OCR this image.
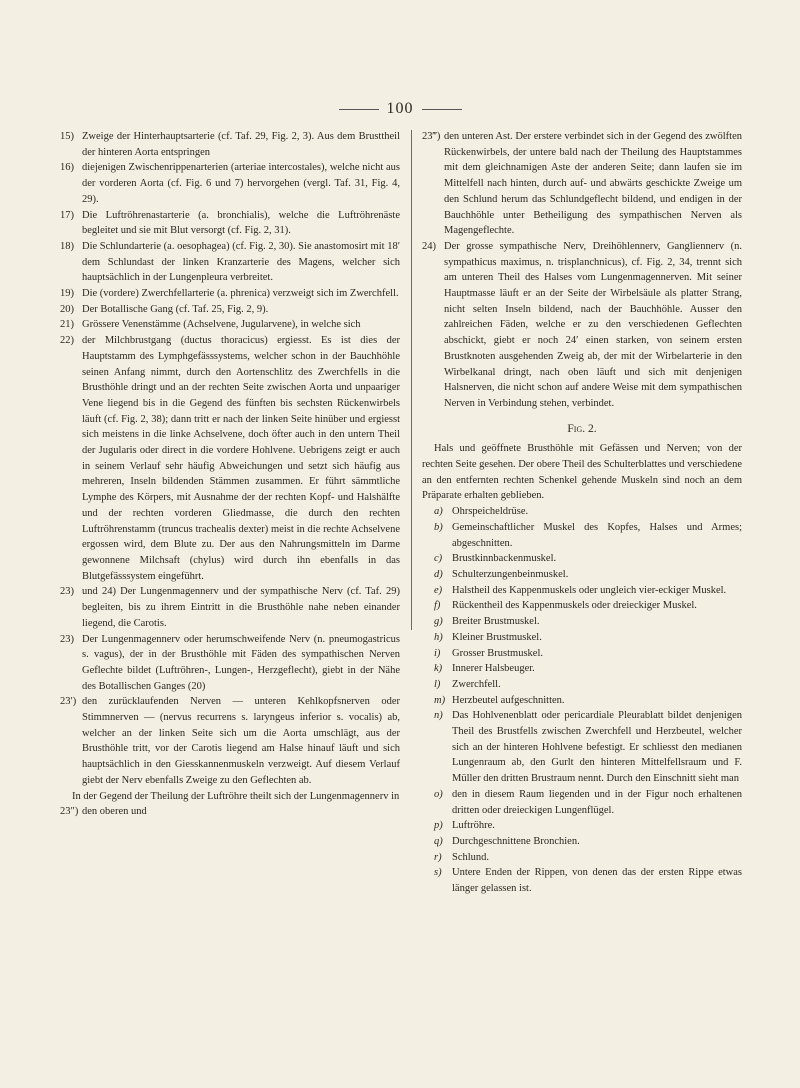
100
15) Zweige der Hinterhauptsarterie (cf. Taf. 29, Fig. 2, 3). Aus dem Brusttheil der hinteren Aorta entspringen
16) diejenigen Zwischenrippenarterien (arteriae intercostales), welche nicht aus der vorderen Aorta (cf. Fig. 6 und 7) hervorgehen (vergl. Taf. 31, Fig. 4, 29).
17) Die Luftröhrenastarterie (a. bronchialis), welche die Luftröhrenäste begleitet und sie mit Blut versorgt (cf. Fig. 2, 31).
18) Die Schlundarterie (a. oesophagea) (cf. Fig. 2, 30). Sie anastomosirt mit 18′ dem Schlundast der linken Kranzarterie des Magens, welcher sich hauptsächlich in der Lungenpleura verbreitet.
19) Die (vordere) Zwerchfellarterie (a. phrenica) verzweigt sich im Zwerchfell.
20) Der Botallische Gang (cf. Taf. 25, Fig. 2, 9).
21) Grössere Venenstämme (Achselvene, Jugularvene), in welche sich
22) der Milchbrustgang (ductus thoracicus) ergiesst. Es ist dies der Hauptstamm des Lymphgefässsystems, welcher schon in der Bauchhöhle seinen Anfang nimmt, durch den Aortenschlitz des Zwerchfells in die Brusthöhle dringt und an der rechten Seite zwischen Aorta und unpaariger Vene liegend bis in die Gegend des fünften bis sechsten Rückenwirbels läuft (cf. Fig. 2, 38); dann tritt er nach der linken Seite hinüber und ergiesst sich meistens in die linke Achselvene, doch öfter auch in den untern Theil der Jugularis oder direct in die vordere Hohlvene. Uebrigens zeigt er auch in seinem Verlauf sehr häufig Abweichungen und setzt sich häufig aus mehreren, Inseln bildenden Stämmen zusammen. Er führt sämmtliche Lymphe des Körpers, mit Ausnahme der der rechten Kopf- und Halshälfte und der rechten vorderen Gliedmasse, die durch den rechten Luftröhrenstamm (truncus trachealis dexter) meist in die rechte Achselvene ergossen wird, dem Blute zu. Der aus den Nahrungsmitteln im Darme gewonnene Milchsaft (chylus) wird durch ihn ebenfalls in das Blutgefässsystem eingeführt.
23) und 24) Der Lungenmagennerv und der sympathische Nerv (cf. Taf. 29) begleiten, bis zu ihrem Eintritt in die Brusthöhle nahe neben einander liegend, die Carotis.
23) Der Lungenmagennerv oder herumschweifende Nerv (n. pneumogastricus s. vagus), der in der Brusthöhle mit Fäden des sympathischen Nerven Geflechte bildet (Luftröhren-, Lungen-, Herzgeflecht), giebt in der Nähe des Botallischen Ganges (20)
23′) den zurücklaufenden Nerven — unteren Kehlkopfsnerven oder Stimmnerven — (nervus recurrens s. laryngeus inferior s. vocalis) ab, welcher an der linken Seite sich um die Aorta umschlägt, aus der Brusthöhle tritt, vor der Carotis liegend am Halse hinauf läuft und sich hauptsächlich in den Giesskannenmuskeln verzweigt. Auf diesem Verlauf giebt der Nerv ebenfalls Zweige zu den Geflechten ab.

In der Gegend der Theilung der Luftröhre theilt sich der Lungenmagennerv in

23″) den oberen und
23‴) den unteren Ast. Der erstere verbindet sich in der Gegend des zwölften Rückenwirbels, der untere bald nach der Theilung des Hauptstammes mit dem gleichnamigen Aste der anderen Seite; dann laufen sie im Mittelfell nach hinten, durch auf- und abwärts geschickte Zweige um den Schlund herum das Schlundgeflecht bildend, und endigen in der Bauchhöhle unter Betheiligung des sympathischen Nerven als Magengeflechte.
24) Der grosse sympathische Nerv, Dreihöhlennerv, Gangliennerv (n. sympathicus maximus, n. trisplanchnicus), cf. Fig. 2, 34, trennt sich am unteren Theil des Halses vom Lungenmagennerven. Mit seiner Hauptmasse läuft er an der Seite der Wirbelsäule als platter Strang, nicht selten Inseln bildend, nach der Bauchhöhle. Ausser den zahlreichen Fäden, welche er zu den verschiedenen Geflechten abschickt, giebt er noch 24′ einen starken, von seinem ersten Brustknoten ausgehenden Zweig ab, der mit der Wirbelarterie in den Wirbelkanal dringt, nach oben läuft und sich mit denjenigen Halsnerven, die nicht schon auf andere Weise mit dem sympathischen Nerven in Verbindung stehen, verbindet.
Fig. 2.

Hals und geöffnete Brusthöhle mit Gefässen und Nerven; von der rechten Seite gesehen. Der obere Theil des Schulterblattes und verschiedene an den entfernten rechten Schenkel gehende Muskeln sind noch an dem Präparate erhalten geblieben.

a) Ohrspeicheldrüse.
b) Gemeinschaftlicher Muskel des Kopfes, Halses und Armes; abgeschnitten.
c) Brustkinnbackenmuskel.
d) Schulterzungenbeinmuskel.
e) Halstheil des Kappenmuskels oder ungleich vier-eckiger Muskel.
f)	Rückentheil des Kappenmuskels oder dreieckiger Muskel.
g) Breiter Brustmuskel.
h) Kleiner Brustmuskel.
i)	Grosser Brustmuskel.
k) Innerer Halsbeuger.
l)	Zwerchfell.
m) Herzbeutel aufgeschnitten.
n) Das Hohlvenenblatt oder pericardiale Pleurablatt bildet denjenigen Theil des Brustfells zwischen Zwerchfell und Herzbeutel, welcher sich an der hinteren Hohlvene befestigt. Er schliesst den medianen Lungenraum ab, den Gurlt den hinteren Mittelfellsraum und F. Müller den dritten Brustraum nennt. Durch den Einschnitt sieht man
o) den in diesem Raum liegenden und in der Figur noch erhaltenen dritten oder dreieckigen Lungenflügel.
p) Luftröhre.
q) Durchgeschnittene Bronchien.
r) Schlund.
s) Untere Enden der Rippen, von denen das der ersten Rippe etwas länger gelassen ist.
